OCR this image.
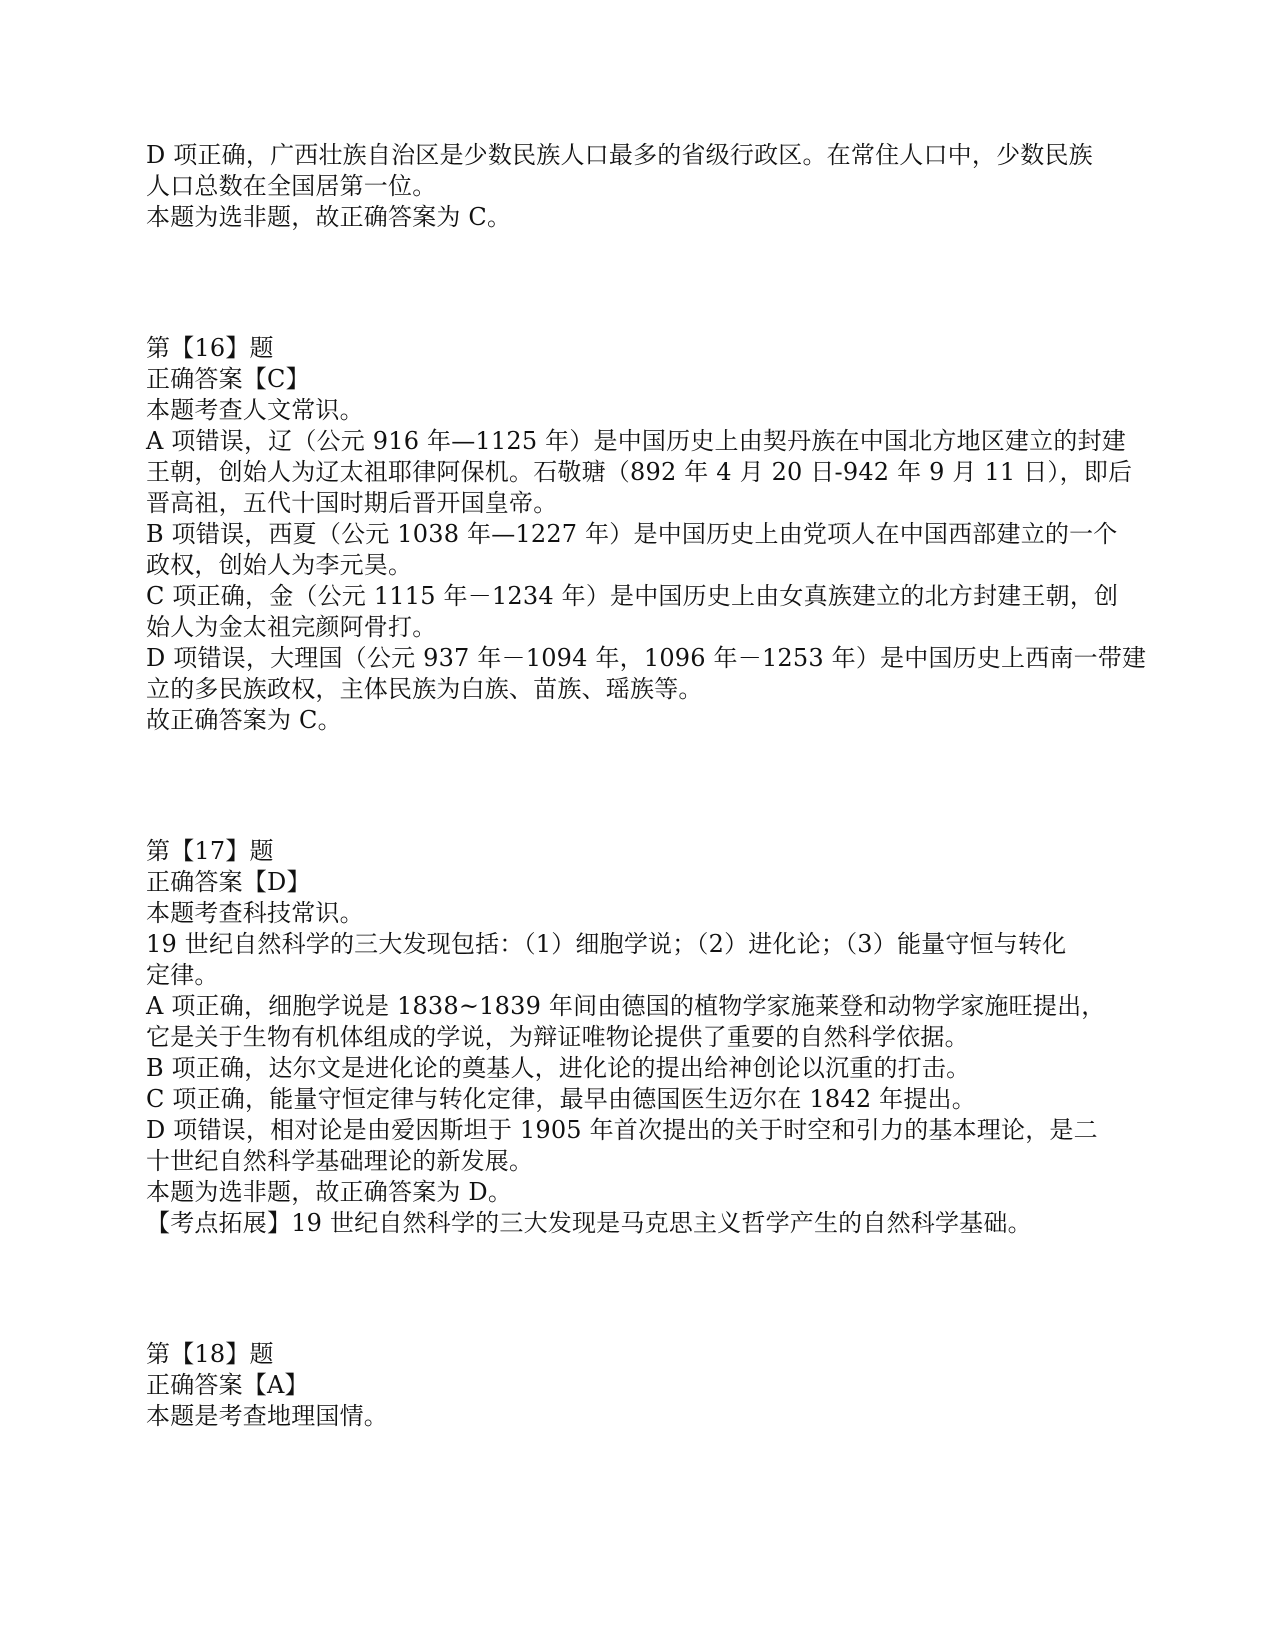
D 项正确，广西壮族自治区是少数民族人口最多的省级行政区。在常住人口中，少数民族
人口总数在全国居第一位。
本题为选非题，故正确答案为 C。
第【16】题
正确答案【C】
本题考查人文常识。
A 项错误，辽（公元 916 年—1125 年）是中国历史上由契丹族在中国北方地区建立的封建
王朝，创始人为辽太祖耶律阿保机。石敬瑭（892 年 4 月 20 日-942 年 9 月 11 日），即后
晋高祖，五代十国时期后晋开国皇帝。
B 项错误，西夏（公元 1038 年—1227 年）是中国历史上由党项人在中国西部建立的一个
政权，创始人为李元昊。
C 项正确，金（公元 1115 年－1234 年）是中国历史上由女真族建立的北方封建王朝，创
始人为金太祖完颜阿骨打。
D 项错误，大理国（公元 937 年－1094 年，1096 年－1253 年）是中国历史上西南一带建
立的多民族政权，主体民族为白族、苗族、瑶族等。
故正确答案为 C。
第【17】题
正确答案【D】
本题考查科技常识。
19 世纪自然科学的三大发现包括：（1）细胞学说；（2）进化论；（3）能量守恒与转化
定律。
A 项正确，细胞学说是 1838~1839 年间由德国的植物学家施莱登和动物学家施旺提出，
它是关于生物有机体组成的学说，为辩证唯物论提供了重要的自然科学依据。
B 项正确，达尔文是进化论的奠基人，进化论的提出给神创论以沉重的打击。
C 项正确，能量守恒定律与转化定律，最早由德国医生迈尔在 1842 年提出。
D 项错误，相对论是由爱因斯坦于 1905 年首次提出的关于时空和引力的基本理论，是二
十世纪自然科学基础理论的新发展。
本题为选非题，故正确答案为 D。
【考点拓展】19 世纪自然科学的三大发现是马克思主义哲学产生的自然科学基础。
第【18】题
正确答案【A】
本题是考查地理国情。
